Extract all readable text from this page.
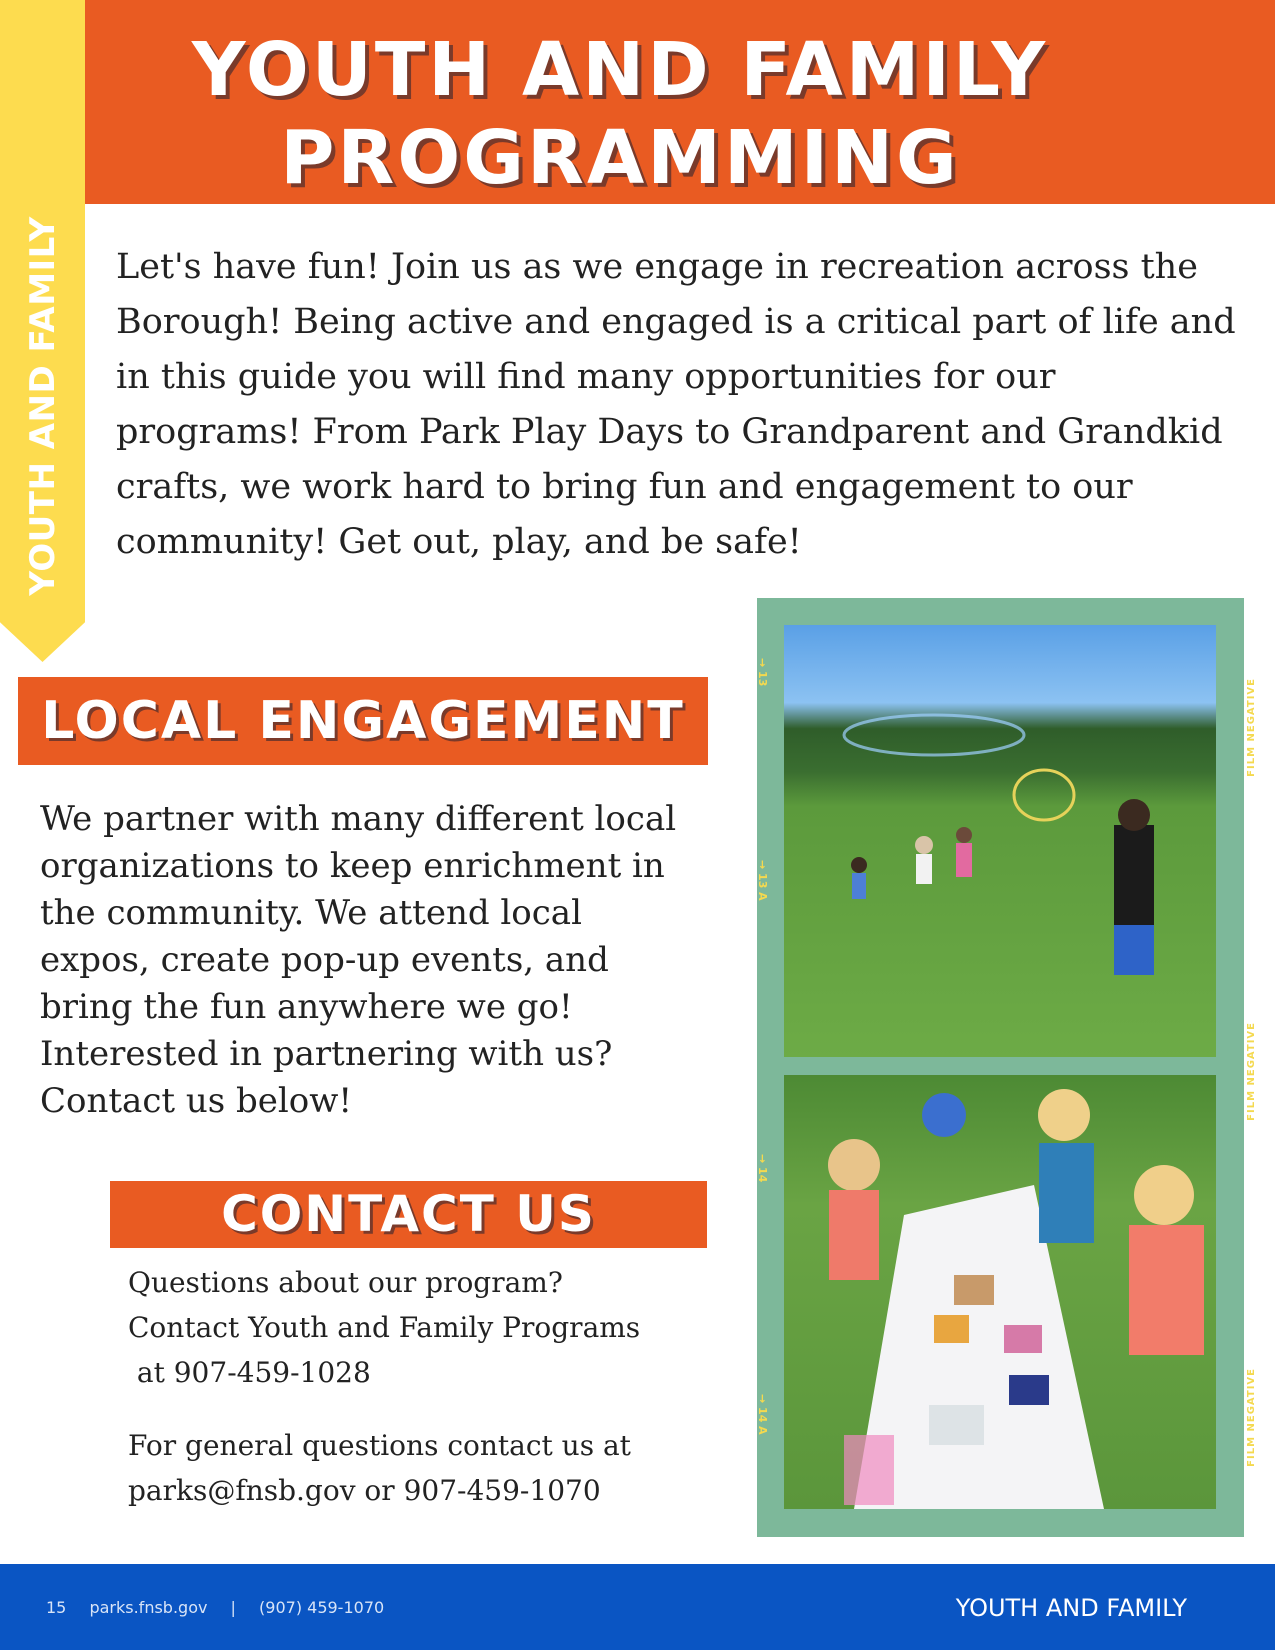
YOUTH AND FAMILY
PROGRAMMING
YOUTH AND FAMILY Let's have fun! Join us as we engage in recreation across the Borough! Being active and engaged is a critical part of life and in this guide you will find many opportunities for our programs! From Park Play Days to Grandparent and Grandkid crafts, we work hard to bring fun and engagement to our community! Get out, play, and be safe!

LOCAL ENGAGEMENT

We partner with many different local organizations to keep enrichment in the community. We attend local expos, create pop-up events, and bring the fun anywhere we go! Interested in partnering with us? Contact us below!

CONTACT US

Questions about our program?

Contact Youth and Family Programs

at 907-459-1028

For general questions contact us at

parks@fnsb.gov or 907-459-1070

→ 13
→ 13 A
→ 14
→ 14 A
FILM NEGATIVE
FILM NEGATIVE
FILM NEGATIVE
15 parks.fnsb.gov | (907) 459-1070	YOUTH AND FAMILY
